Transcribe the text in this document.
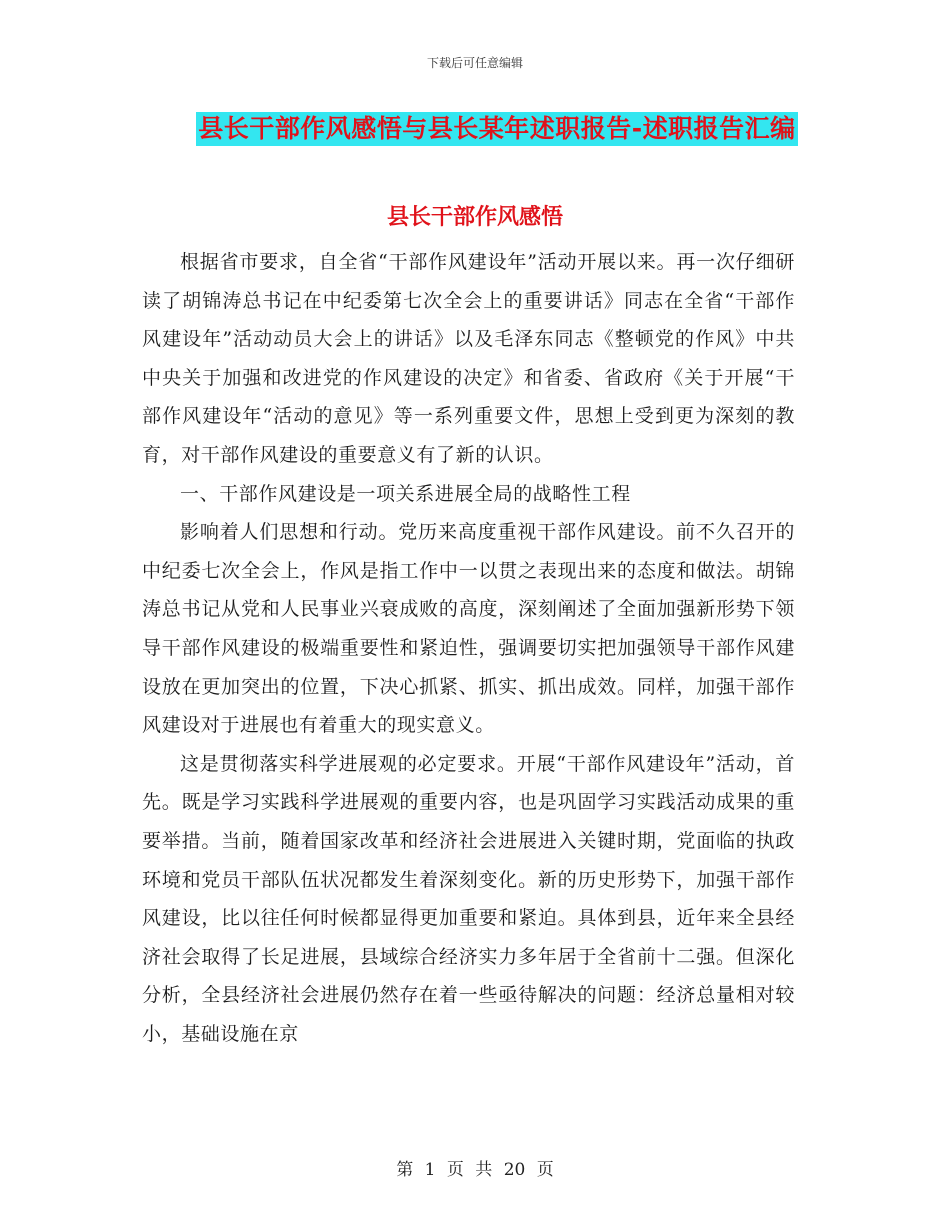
下载后可任意编辑
县长干部作风感悟与县长某年述职报告-述职报告汇编
县长干部作风感悟

根据省市要求，自全省“干部作风建设年”活动开展以来。再一次仔细研读了胡锦涛总书记在中纪委第七次全会上的重要讲话》同志在全省“干部作风建设年”活动动员大会上的讲话》以及毛泽东同志《整顿党的作风》中共中央关于加强和改进党的作风建设的决定》和省委、省政府《关于开展“干部作风建设年“活动的意见》等一系列重要文件，思想上受到更为深刻的教育，对干部作风建设的重要意义有了新的认识。

一、干部作风建设是一项关系进展全局的战略性工程

影响着人们思想和行动。党历来高度重视干部作风建设。前不久召开的中纪委七次全会上，作风是指工作中一以贯之表现出来的态度和做法。胡锦涛总书记从党和人民事业兴衰成败的高度，深刻阐述了全面加强新形势下领导干部作风建设的极端重要性和紧迫性，强调要切实把加强领导干部作风建设放在更加突出的位置，下决心抓紧、抓实、抓出成效。同样，加强干部作风建设对于进展也有着重大的现实意义。

这是贯彻落实科学进展观的必定要求。开展“干部作风建设年”活动，首先。既是学习实践科学进展观的重要内容，也是巩固学习实践活动成果的重要举措。当前，随着国家改革和经济社会进展进入关键时期，党面临的执政环境和党员干部队伍状况都发生着深刻变化。新的历史形势下，加强干部作风建设，比以往任何时候都显得更加重要和紧迫。具体到县，近年来全县经济社会取得了长足进展，县域综合经济实力多年居于全省前十二强。但深化分析，全县经济社会进展仍然存在着一些亟待解决的问题：经济总量相对较小，基础设施在京

第 1 页 共 20 页
